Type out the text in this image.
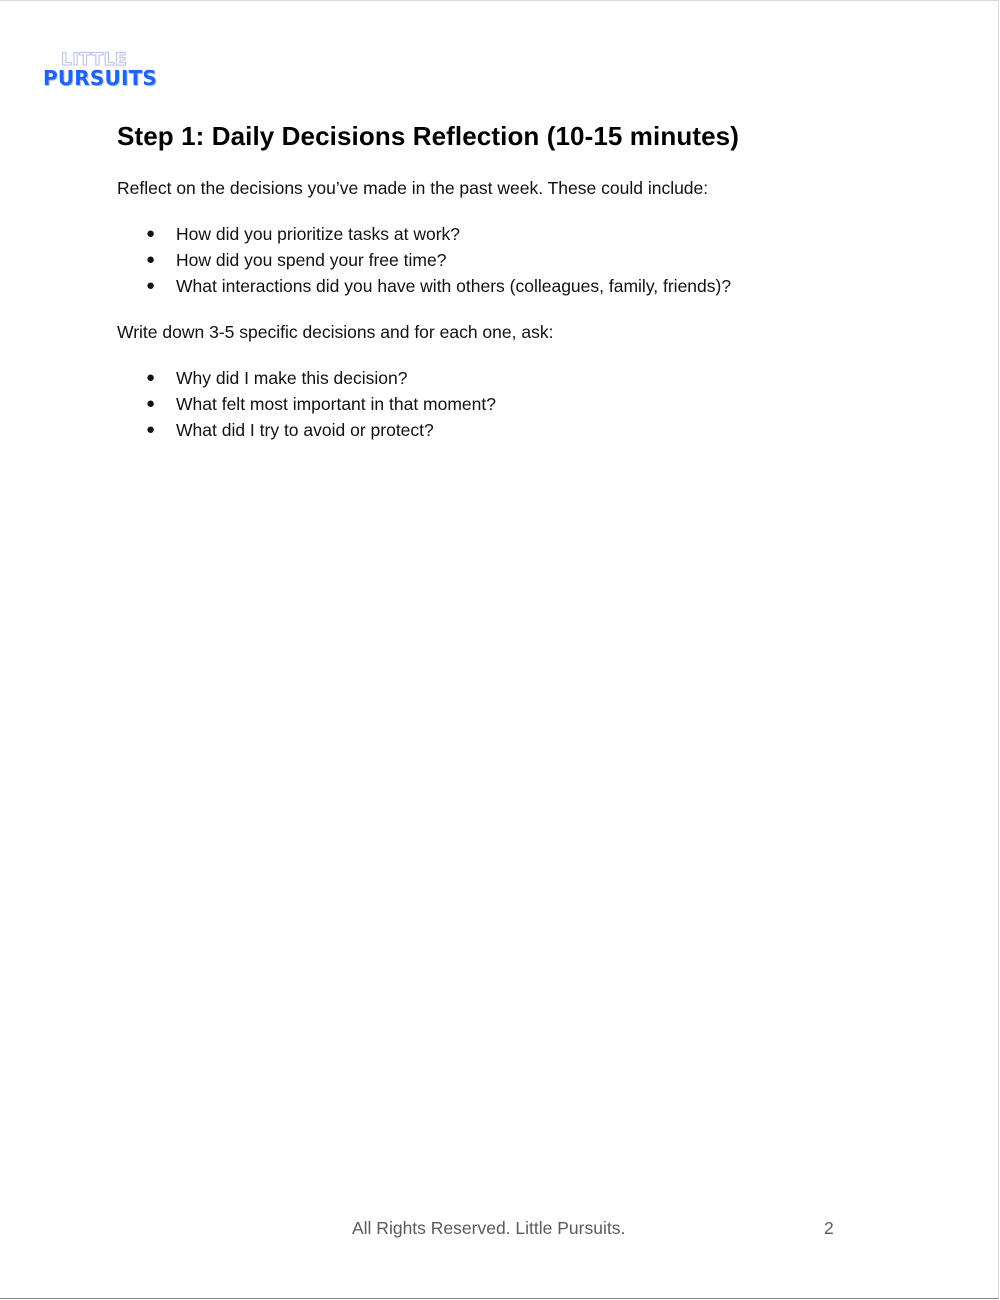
LITTLE
PURSUITS
Step 1: Daily Decisions Reflection (10-15 minutes)

Reflect on the decisions you’ve made in the past week. These could include:

● How did you prioritize tasks at work?
● How did you spend your free time?
● What interactions did you have with others (colleagues, family, friends)?

Write down 3-5 specific decisions and for each one, ask:

● Why did I make this decision?
● What felt most important in that moment?
● What did I try to avoid or protect?
All Rights Reserved. Little Pursuits.	2
